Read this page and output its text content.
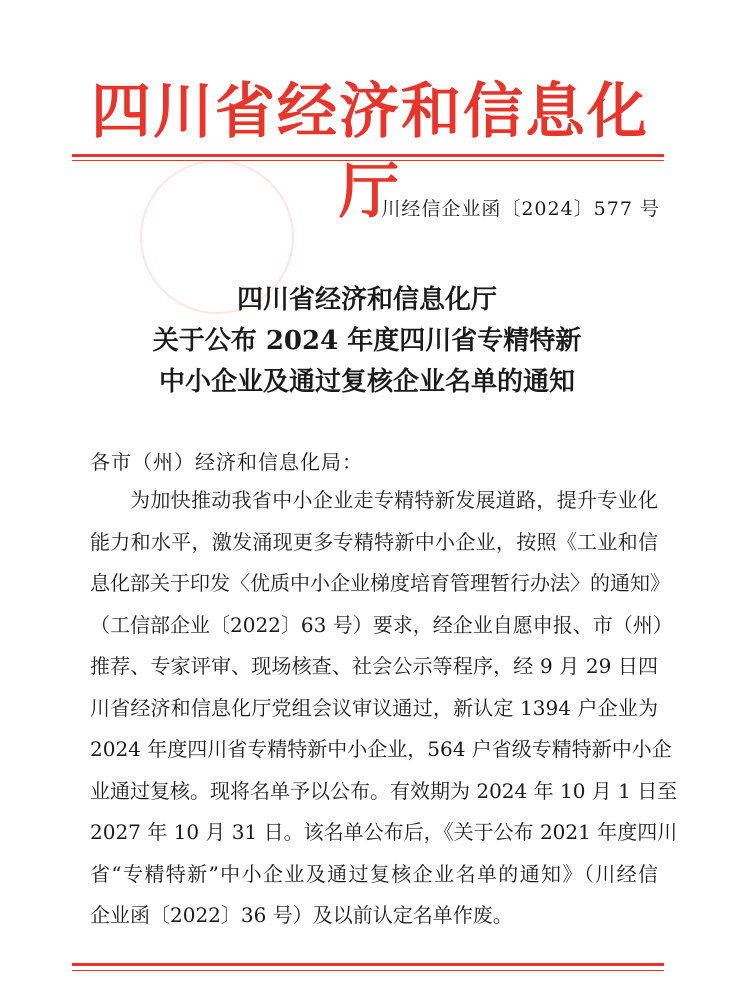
四川省经济和信息化厅
川经信企业函〔2024〕577 号
四川省经济和信息化厅
关于公布 2024 年度四川省专精特新
中小企业及通过复核企业名单的通知
各市（州）经济和信息化局：
为加快推动我省中小企业走专精特新发展道路，提升专业化
能力和水平，激发涌现更多专精特新中小企业，按照《工业和信
息化部关于印发〈优质中小企业梯度培育管理暂行办法〉的通知》
（工信部企业〔2022〕63 号）要求，经企业自愿申报、市（州）
推荐、专家评审、现场核查、社会公示等程序，经 9 月 29 日四
川省经济和信息化厅党组会议审议通过，新认定 1394 户企业为
2024 年度四川省专精特新中小企业，564 户省级专精特新中小企
业通过复核。现将名单予以公布。有效期为 2024 年 10 月 1 日至
2027 年 10 月 31 日。该名单公布后，《关于公布 2021 年度四川
省“专精特新”中小企业及通过复核企业名单的通知》（川经信
企业函〔2022〕36 号）及以前认定名单作废。
